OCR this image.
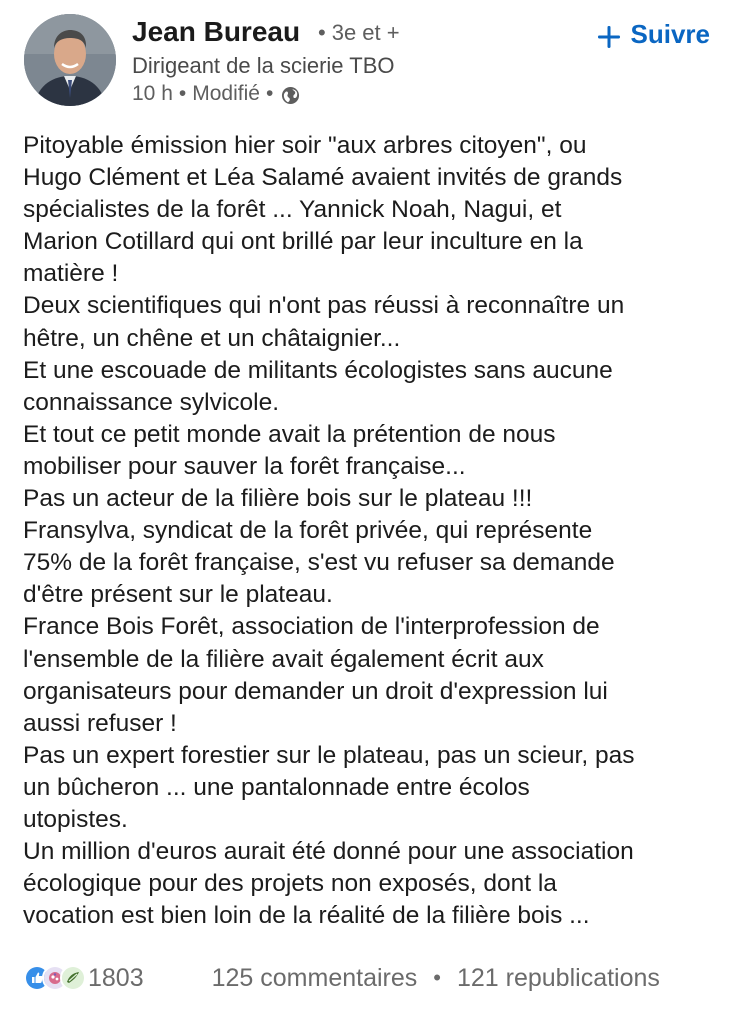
Jean Bureau • 3e et +
Dirigeant de la scierie TBO
10 h • Modifié •
Suivre
Pitoyable émission hier soir "aux arbres citoyen", ou
Hugo Clément et Léa Salamé avaient invités de grands
spécialistes de la forêt ... Yannick Noah, Nagui, et
Marion Cotillard qui ont brillé par leur inculture en la
matière !
Deux scientifiques qui n'ont pas réussi à reconnaître un
hêtre, un chêne et un châtaignier...
Et une escouade de militants écologistes sans aucune
connaissance sylvicole.
Et tout ce petit monde avait la prétention de nous
mobiliser pour sauver la forêt française...
Pas un acteur de la filière bois sur le plateau !!!
Fransylva, syndicat de la forêt privée, qui représente
75% de la forêt française, s'est vu refuser sa demande
d'être présent sur le plateau.
France Bois Forêt, association de l'interprofession de
l'ensemble de la filière avait également écrit aux
organisateurs pour demander un droit d'expression lui
aussi refuser !
Pas un expert forestier sur le plateau, pas un scieur, pas
un bûcheron ... une pantalonnade entre écolos
utopistes.
Un million d'euros aurait été donné pour une association
écologique pour des projets non exposés, dont la
vocation est bien loin de la réalité de la filière bois ...
1803	125 commentaires • 121 republications
